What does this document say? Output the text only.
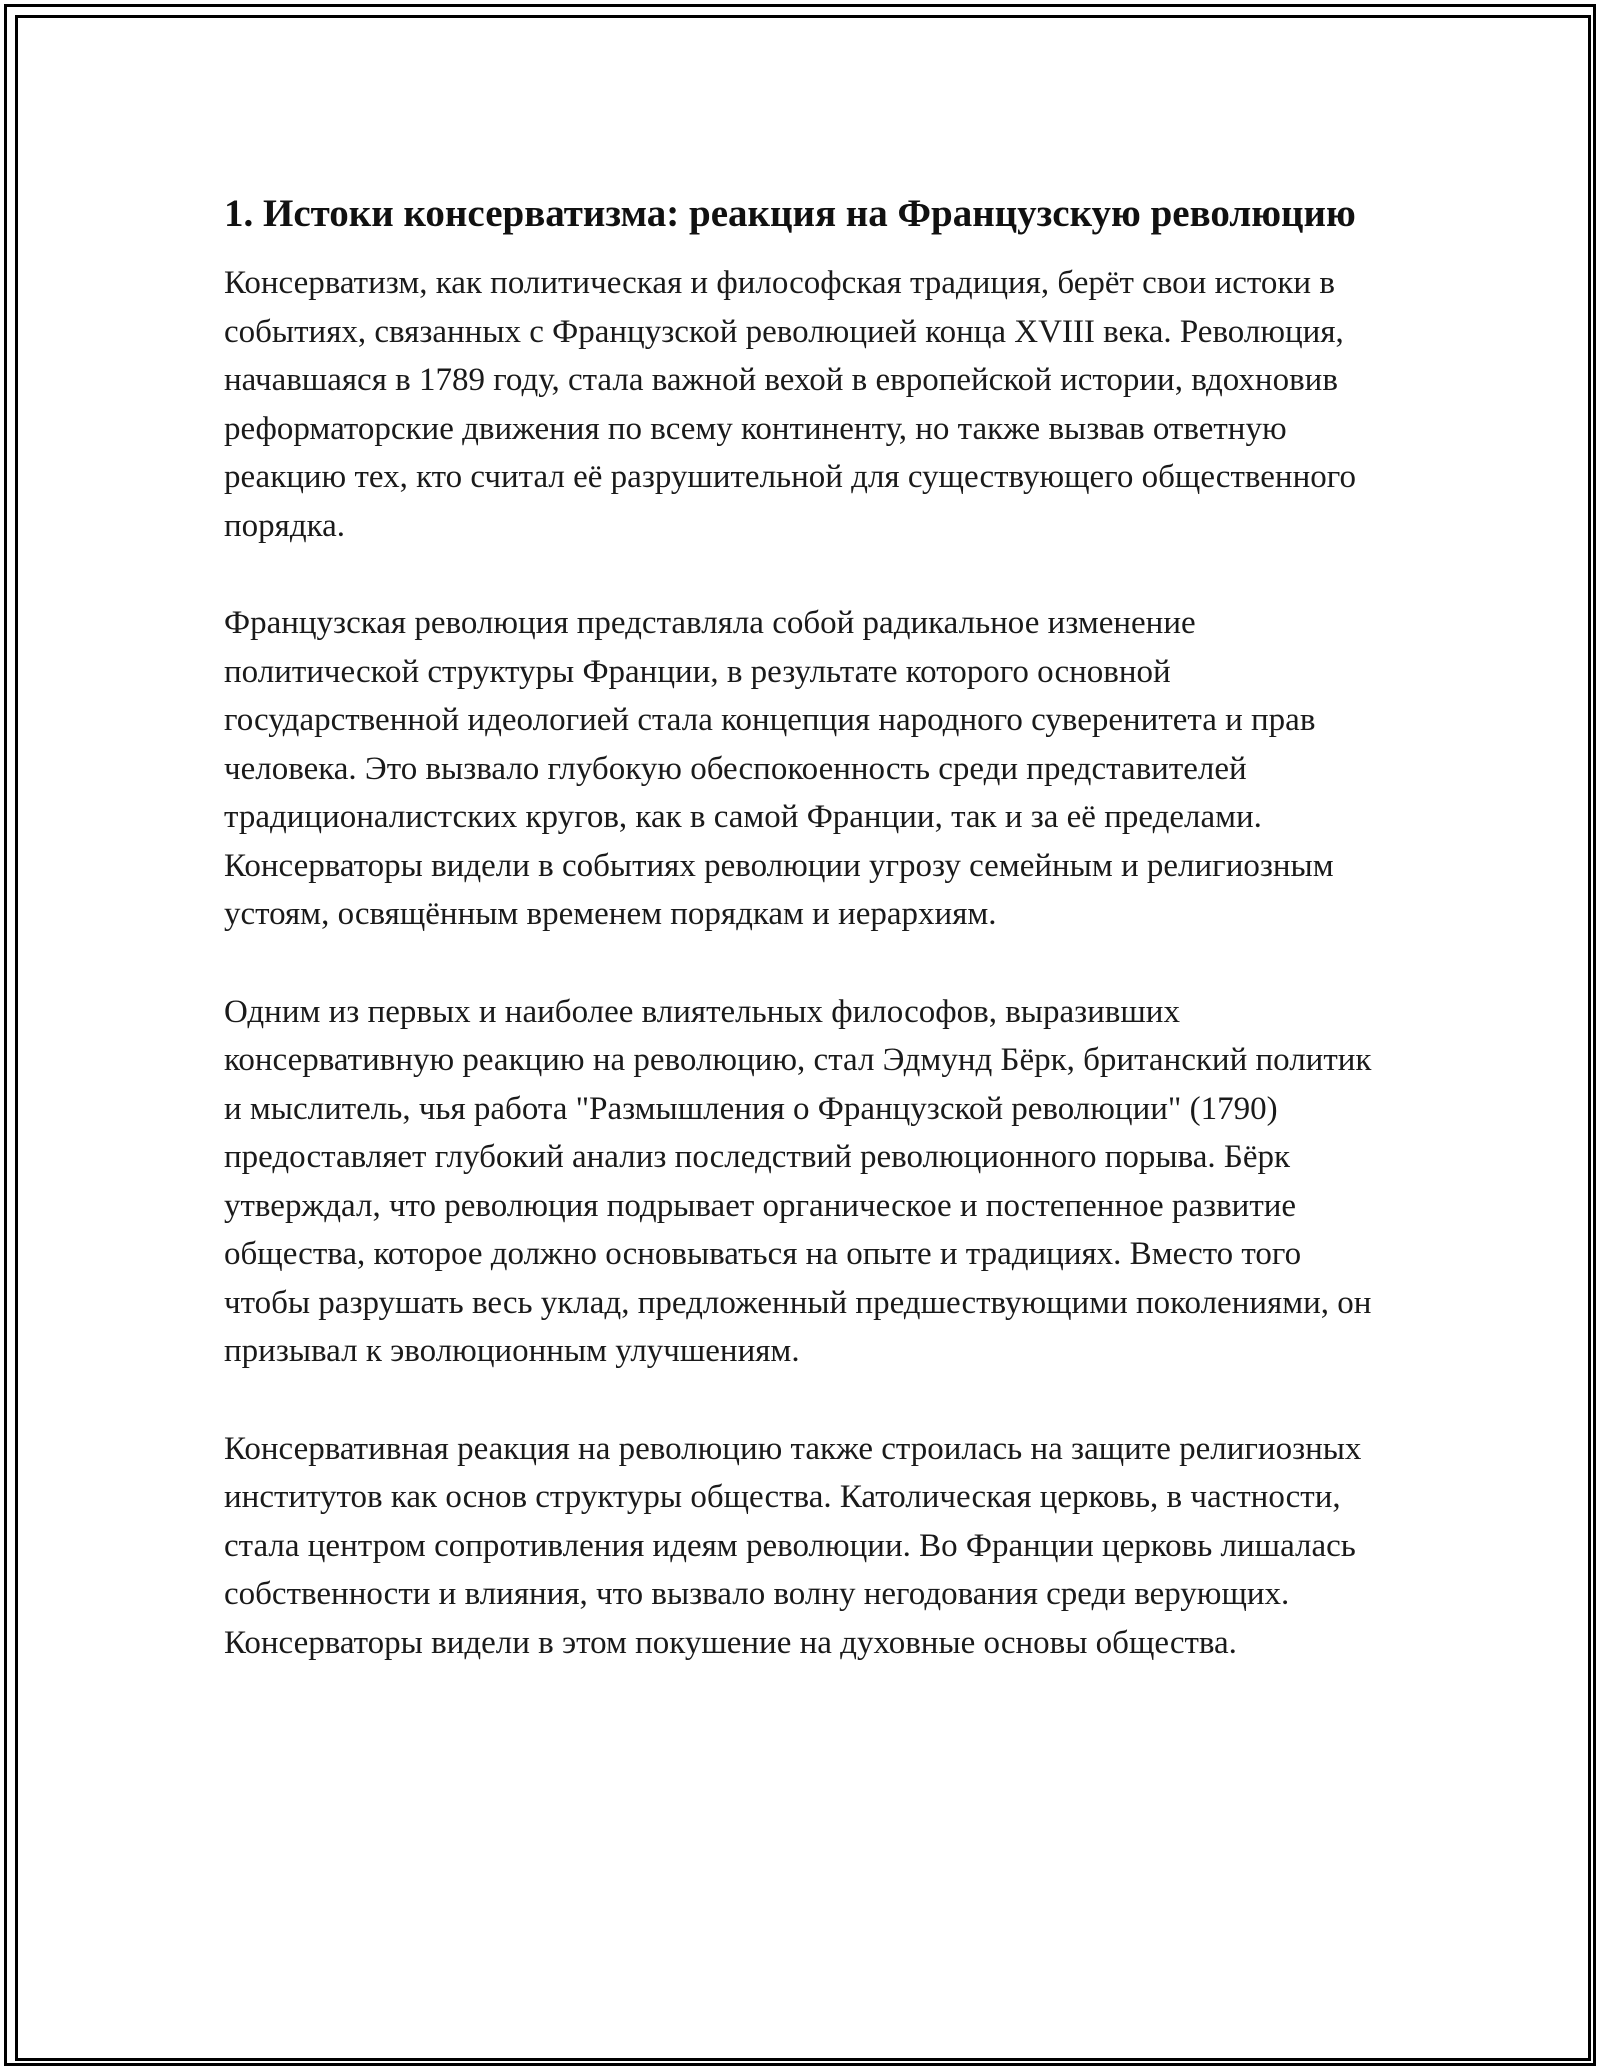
1. Истоки консерватизма: реакция на Французскую революцию

Консерватизм, как политическая и философская традиция, берёт свои истоки в событиях, связанных с Французской революцией конца XVIII века. Революция, начавшаяся в 1789 году, стала важной вехой в европейской истории, вдохновив реформаторские движения по всему континенту, но также вызвав ответную реакцию тех, кто считал её разрушительной для существующего общественного порядка.

Французская революция представляла собой радикальное изменение политической структуры Франции, в результате которого основной государственной идеологией стала концепция народного суверенитета и прав человека. Это вызвало глубокую обеспокоенность среди представителей традиционалистских кругов, как в самой Франции, так и за её пределами. Консерваторы видели в событиях революции угрозу семейным и религиозным устоям, освящённым временем порядкам и иерархиям.

Одним из первых и наиболее влиятельных философов, выразивших консервативную реакцию на революцию, стал Эдмунд Бёрк, британский политик и мыслитель, чья работа "Размышления о Французской революции" (1790) предоставляет глубокий анализ последствий революционного порыва. Бёрк утверждал, что революция подрывает органическое и постепенное развитие общества, которое должно основываться на опыте и традициях. Вместо того чтобы разрушать весь уклад, предложенный предшествующими поколениями, он призывал к эволюционным улучшениям.

Консервативная реакция на революцию также строилась на защите религиозных институтов как основ структуры общества. Католическая церковь, в частности, стала центром сопротивления идеям революции. Во Франции церковь лишалась собственности и влияния, что вызвало волну негодования среди верующих. Консерваторы видели в этом покушение на духовные основы общества.
